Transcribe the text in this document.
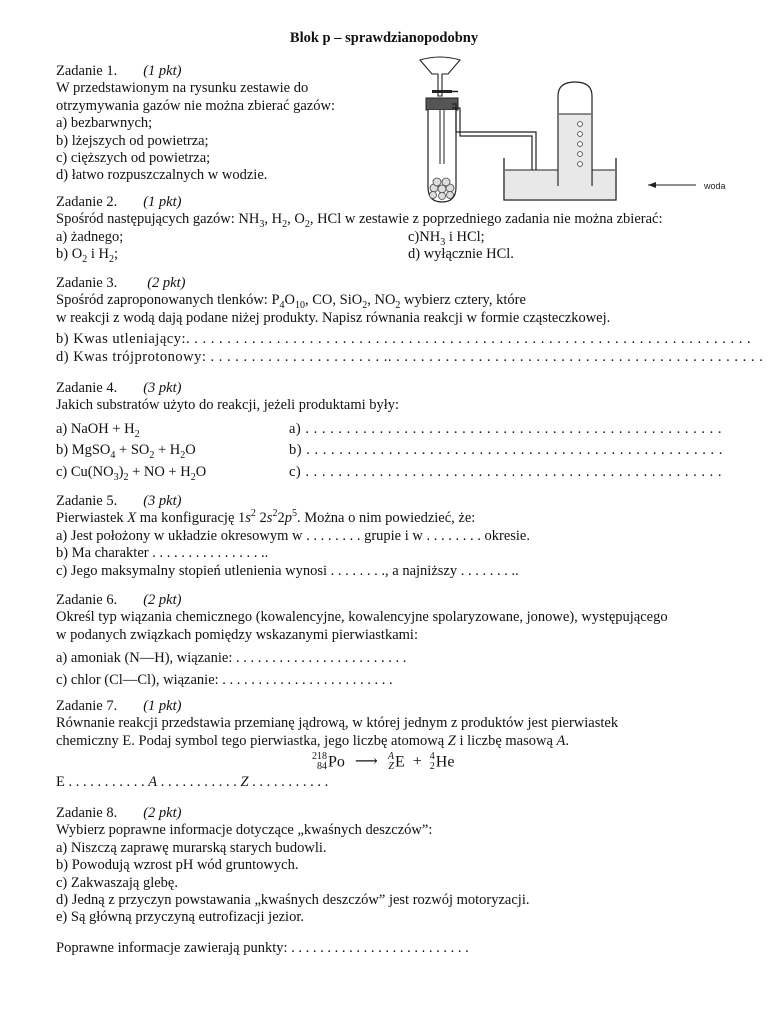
Blok p – sprawdzianopodobny
woda
Zadanie 1. (1 pkt)
W przedstawionym na rysunku zestawie do
otrzymywania gazów nie można zbierać gazów:
a) bezbarwnych;
b) lżejszych od powietrza;
c) cięższych od powietrza;
d) łatwo rozpuszczalnych w wodzie.
Zadanie 2. (1 pkt)
Spośród następujących gazów: $NH_3$, $H_2$, $O_2$, HCl w zestawie z poprzedniego zadania nie można zbierać:
a) żadnego;	$c)NH_3$ i HCl;
b) $O_2$ i $H_2$;	d) wyłącznie HCl.
Zadanie 3. (2 pkt)
Spośród zaproponowanych tlenków: $P_4O_{10}$, CO, SiO$_2$, $NO_2$ wybierz cztery, które
w reakcji z wodą dają podane niżej produkty. Napisz równania reakcji w formie cząsteczkowej.
b) Kwas utleniający:. . . . . . . . . . . . . . . . . . . . . . . . . . . . . . . . . . . . . . . . . . . . . . . . . . . . . . . . . . . . . . . . . . . . .
d) Kwas trójprotonowy: . . . . . . . . . . . . . . . . . . . . . .. . . . . . . . . . . . . . . . . . . . . . . . . . . . . . . . . . . . . . . . . . . . . .
Zadanie 4. (3 pkt)
Jakich substratów użyto do reakcji, jeżeli produktami były:
a) NaOH + $H_2$	a) . . . . . . . . . . . . . . . . . . . . . . . . . . . . . . . . . . . . . . . . . . . . . . . . . . .
b) MgSO$_4$ + $SO_2 + H_2O$	b) . . . . . . . . . . . . . . . . . . . . . . . . . . . . . . . . . . . . . . . . . . . . . . . . . . .
c) $Cu(NO_3)_2$ + NO + $H_2O$	c) . . . . . . . . . . . . . . . . . . . . . . . . . . . . . . . . . . . . . . . . . . . . . . . . . . .
Zadanie 5. (3 pkt)
Pierwiastek X ma konfigurację $1s^2$ $2s^22p^5$. Można o nim powiedzieć, że:
a) Jest położony w układzie okresowym w . . . . . . . . grupie i w . . . . . . . . okresie.
b) Ma charakter . . . . . . . . . . . . . . . ..
c) Jego maksymalny stopień utlenienia wynosi . . . . . . . ., a najniższy . . . . . . . ..
Zadanie 6. (2 pkt)
Określ typ wiązania chemicznego (kowalencyjne, kowalencyjne spolaryzowane, jonowe), występującego
w podanych związkach pomiędzy wskazanymi pierwiastkami:
a) amoniak (N—H), wiązanie: . . . . . . . . . . . . . . . . . . . . . . . .
c) chlor (Cl—Cl), wiązanie: . . . . . . . . . . . . . . . . . . . . . . . .
Zadanie 7. (1 pkt)
Równanie reakcji przedstawia przemianę jądrową, w której jednym z produktów jest pierwiastek
chemiczny E. Podaj symbol tego pierwiastka, jego liczbę atomową Z i liczbę masową A.
218
84 Po ⟶ A
Z E + 4
2 He
E . . . . . . . . . . . A . . . . . . . . . . . Z . . . . . . . . . . .
Zadanie 8. (2 pkt)
Wybierz poprawne informacje dotyczące „kwaśnych deszczów”:
a) Niszczą zaprawę murarską starych budowli.
b) Powodują wzrost pH wód gruntowych.
c) Zakwaszają glebę.
d) Jedną z przyczyn powstawania „kwaśnych deszczów” jest rozwój motoryzacji.
e) Są główną przyczyną eutrofizacji jezior.
Poprawne informacje zawierają punkty: . . . . . . . . . . . . . . . . . . . . . . . . .
